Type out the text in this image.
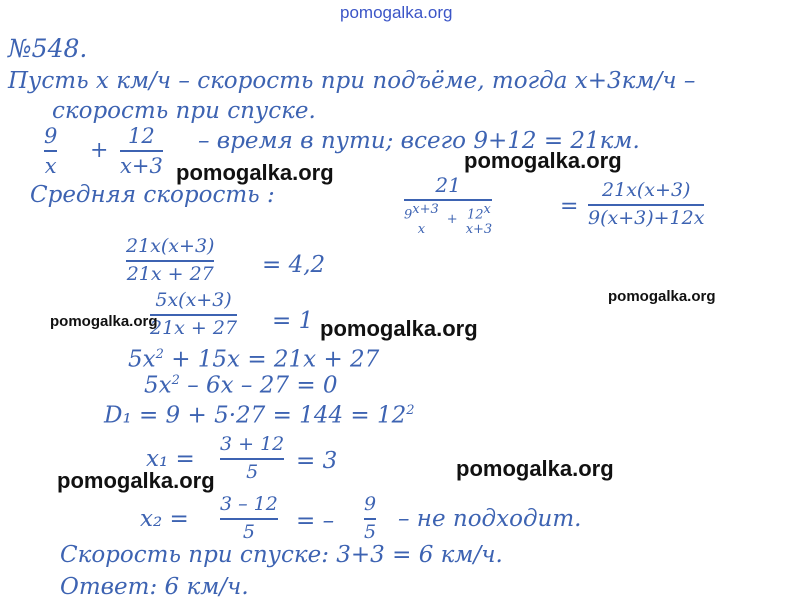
pomogalka.org
№548.
Пусть x км/ч – скорость при подъёме, тогда x+3км/ч –
скорость при спуске.
9
x
+
12
x+3
– время в пути; всего 9+12 = 21км.
Средняя скорость :	21
$9^{x+3}$
x
+ $12^x$
x+3
=
21x(x+3)
9(x+3)+12x
21x(x+3)
21x + 27 = 4,2
5x(x+3)
21x + 27 = 1
$5x^2 + 15x = 21x + 27$
$5x^2 - 6x - 27 = 0$
$D_1 = 9 + 5\cdot 27 = 144 = 12^2$
x₁ =
3 + 12
5 = 3
x₂ =
3 – 12
5 = –
9
5 – не подходит.
Скорость при спуске: 3+3 = 6 км/ч.
Ответ: 6 км/ч.
pomogalka.org	pomogalka.org
pomogalka.org
pomogalka.org	pomogalka.org
pomogalka.org
pomogalka.org
